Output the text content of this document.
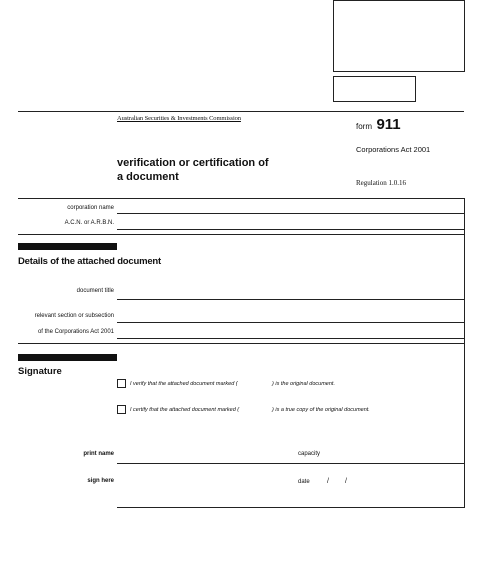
Australian Securities & Investments Commission
form 911
Corporations Act 2001
verification or certification of
a document	Regulation 1.0.16
corporation name
A.C.N. or A.R.B.N.
Details of the attached document
document title
relevant section or subsection
of the Corporations Act 2001
Signature
I verify that the attached document marked (	) is the original document.
I certify that the attached document marked (	) is a true copy of the original document.
print name	capacity
sign here	date / /
